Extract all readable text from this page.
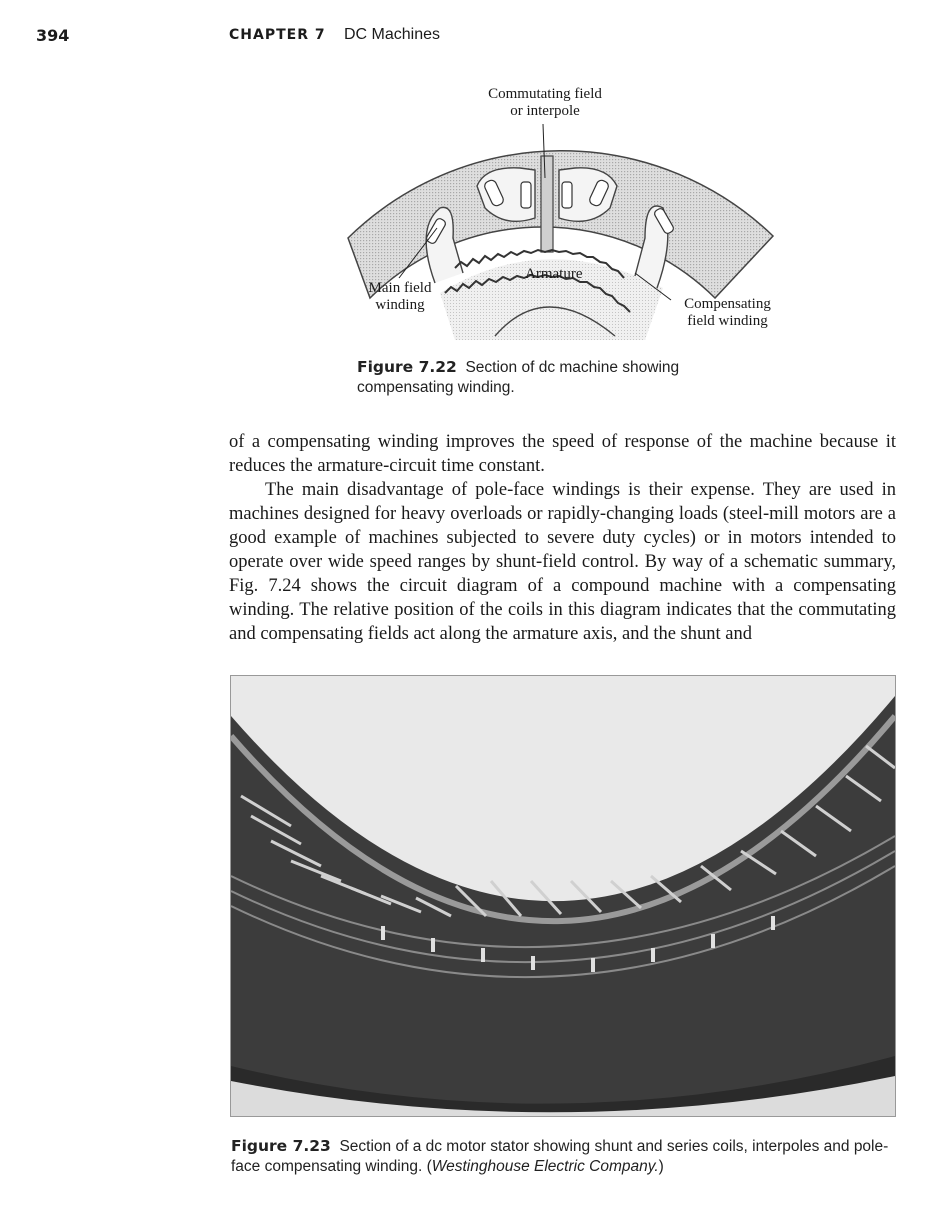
394	CHAPTER 7 DC Machines
Commutating field
or interpole
Armature
Main field
winding	Compensating
field winding
Figure 7.22 Section of dc machine showing compensating winding.

of a compensating winding improves the speed of response of the machine because it reduces the armature-circuit time constant.

The main disadvantage of pole-face windings is their expense. They are used in machines designed for heavy overloads or rapidly-changing loads (steel-mill motors are a good example of machines subjected to severe duty cycles) or in motors intended to operate over wide speed ranges by shunt-field control. By way of a schematic summary, Fig. 7.24 shows the circuit diagram of a compound machine with a compensating winding. The relative position of the coils in this diagram indicates that the commutating and compensating fields act along the armature axis, and the shunt and

Figure 7.23 Section of a dc motor stator showing shunt and series coils, interpoles and pole-face compensating winding. (Westinghouse Electric Company.)
